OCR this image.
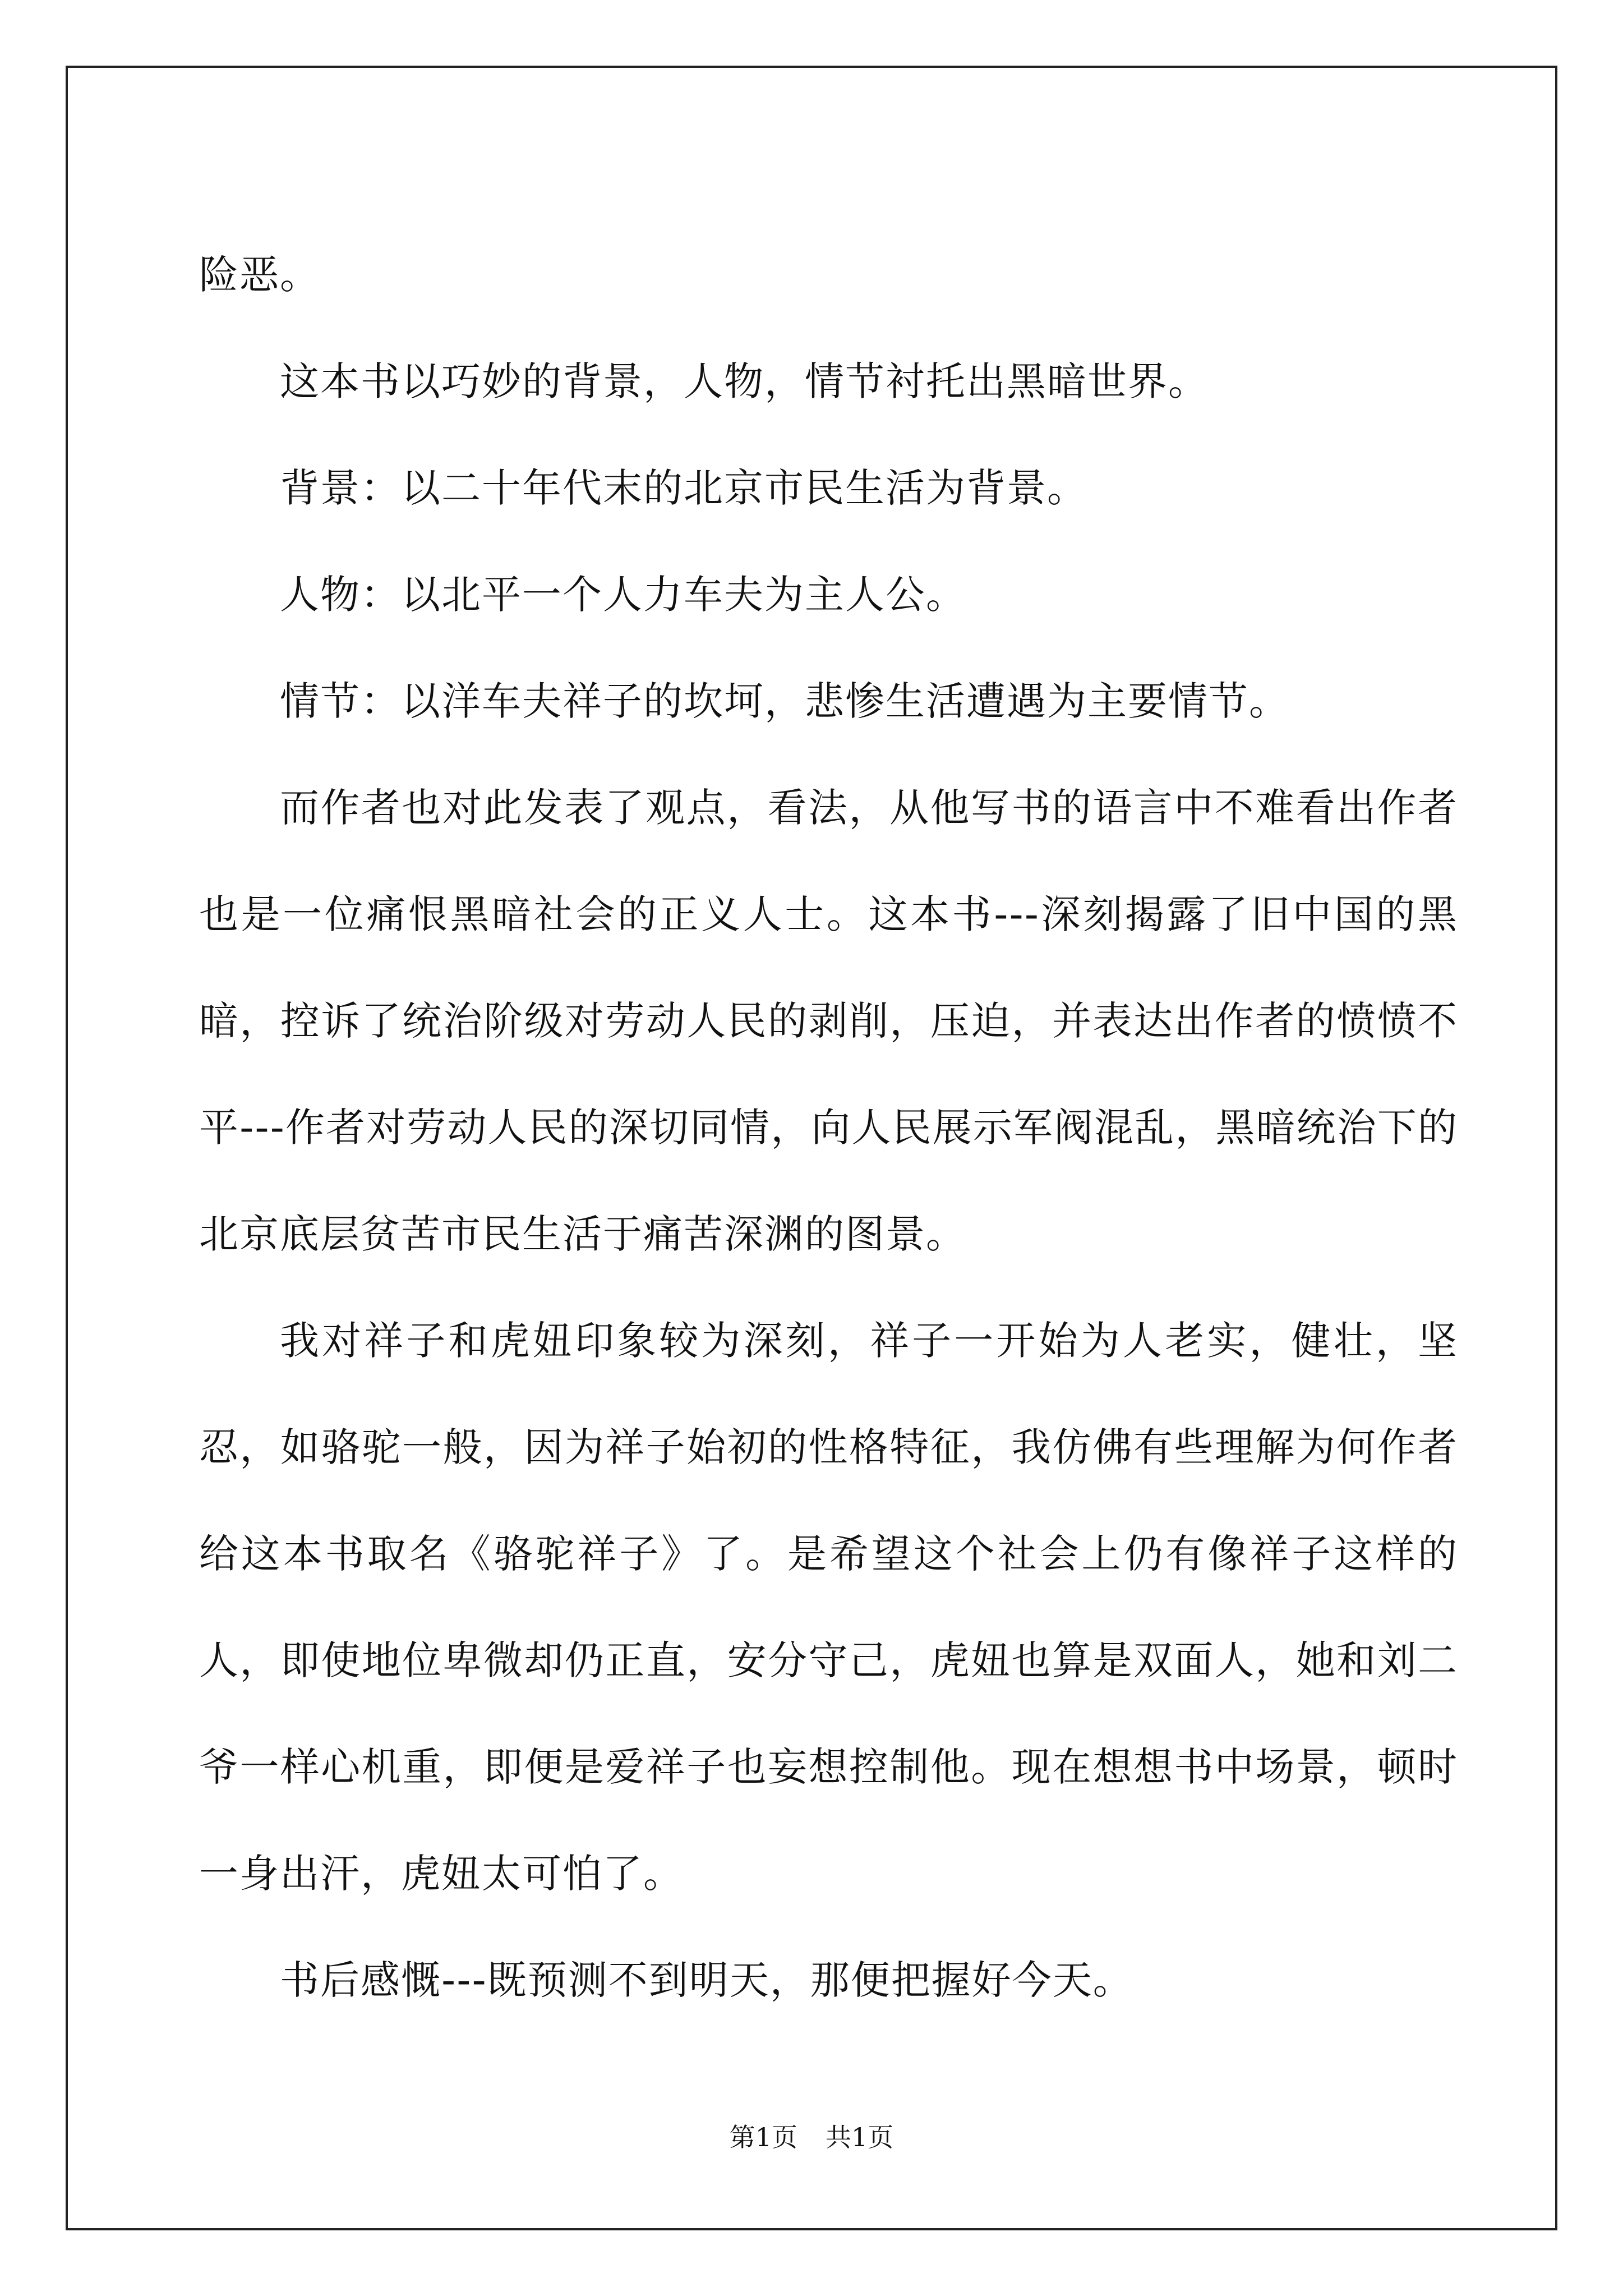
险恶。

这本书以巧妙的背景，人物，情节衬托出黑暗世界。

背景：以二十年代末的北京市民生活为背景。

人物：以北平一个人力车夫为主人公。

情节：以洋车夫祥子的坎坷，悲惨生活遭遇为主要情节。

而作者也对此发表了观点，看法，从他写书的语言中不难看出作者也是一位痛恨黑暗社会的正义人士。这本书---深刻揭露了旧中国的黑暗，控诉了统治阶级对劳动人民的剥削，压迫，并表达出作者的愤愤不平---作者对劳动人民的深切同情，向人民展示军阀混乱，黑暗统治下的北京底层贫苦市民生活于痛苦深渊的图景。

我对祥子和虎妞印象较为深刻，祥子一开始为人老实，健壮，坚忍，如骆驼一般，因为祥子始初的性格特征，我仿佛有些理解为何作者给这本书取名《骆驼祥子》了。是希望这个社会上仍有像祥子这样的人，即使地位卑微却仍正直，安分守己，虎妞也算是双面人，她和刘二爷一样心机重，即便是爱祥子也妄想控制他。现在想想书中场景，顿时一身出汗，虎妞太可怕了。

书后感慨---既预测不到明天，那便把握好今天。

第1页 共1页
